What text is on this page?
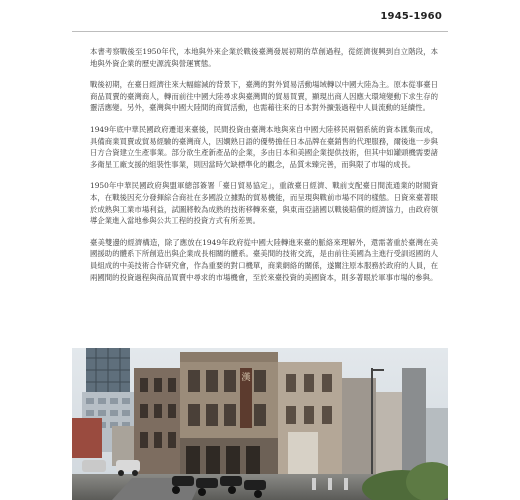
1945-1960

本書考察戰後至1950年代，本地與外來企業於戰後臺灣發展初期的草創過程，從經濟復興到自立階段，本地與外資企業的歷史源流與營運實態。

戰後初期，在臺日經濟往來大幅縮減的背景下，臺灣的對外貿易活動場域轉以中國大陸為主。原本從事臺日商品買賣的臺灣商人，轉而前往中國大陸尋求與臺灣間的貿易買賣，顯現出商人因應大環境變動下求生存的靈活應變。另外，臺灣與中國大陸間的商貿活動，也需藉往來的日本對外擴張過程中人員流動的延續性。

1949年底中華民國政府遷退來臺後，民間投資由臺灣本地與來自中國大陸移民兩個系統的資本匯集而成，具備商業買賣或貿易經驗的臺灣商人，因嫻熟日語的優勢擔任日本品牌在臺銷售的代理服務，爾後進一步與日方合資建立生產事業。部分欲生產新產品的企業，多由日本和美國企業提供技術，但其中如罐頭機需要諸多衛星工廠支援的組裝性事業，則因當時欠缺標準化的觀念，品質未臻完善，而與限了市場的成長。

1950年中華民國政府與盟軍總部簽署「臺日貿易協定」，重啟臺日經濟、戰前支配臺日間流通業的財閥資本，在戰後因充分發揮綜合商社在多國設立據點的貿易機能，而呈現與戰前市場不同的樣態。日資來臺著眼於成熟與工業市場利益，試圖將較為成熟的技術移轉來臺，與東南亞諸國以戰後賠償的經濟協力，由政府領導企業進入當地參與公共工程的投資方式有所差異。

臺美雙邊的經濟構造，除了應放在1949年政府從中國大陸轉進來臺的脈絡來理解外，還需著重於臺灣在美國援助的體系下所創造出與企業成長相關的體系。臺美間的技術交流，是由前往美國為主進行受訓返國的人員組成的中美技術合作研究會，作為重要的對口機單，商業網絡的關係，遂關注原本服務於政府的人員，在兩國間的投資過程與商品買賣中尋求的市場機會，至於來臺投資的美國資本，則多著眼於軍事市場的參與。

漢
